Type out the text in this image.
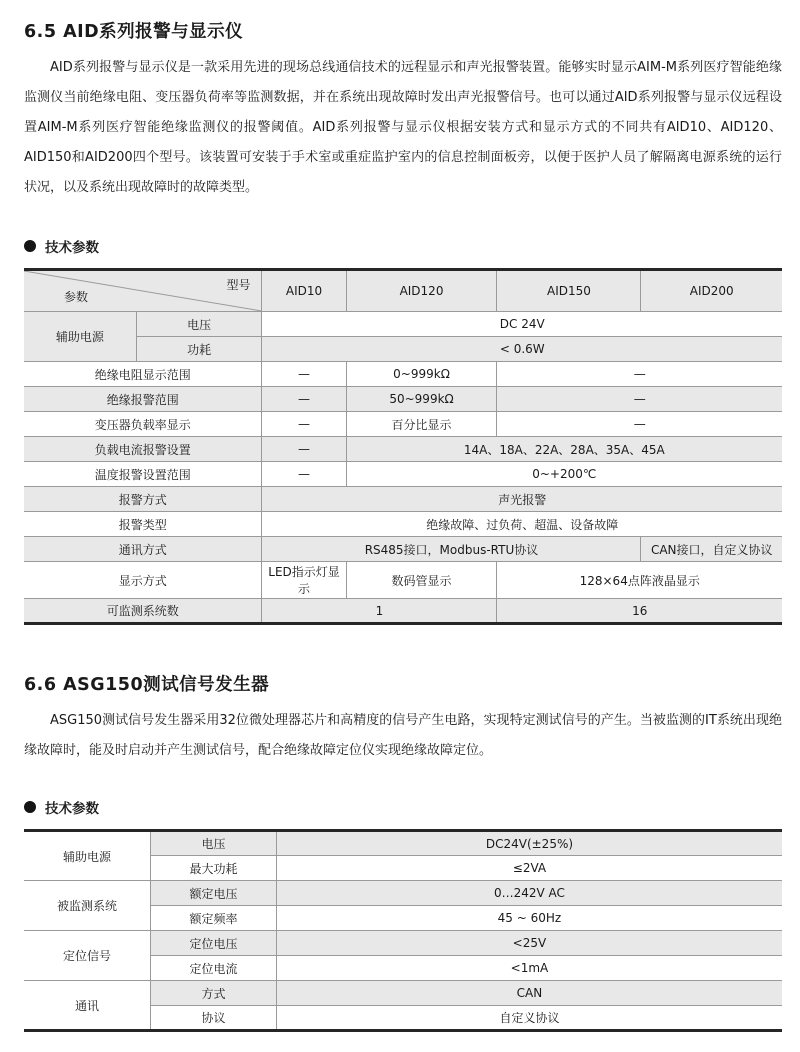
6.5 AID系列报警与显示仪

AID系列报警与显示仪是一款采用先进的现场总线通信技术的远程显示和声光报警装置。能够实时显示AIM-M系列医疗智能绝缘监测仪当前绝缘电阻、变压器负荷率等监测数据，并在系统出现故障时发出声光报警信号。也可以通过AID系列报警与显示仪远程设置AIM-M系列医疗智能绝缘监测仪的报警阈值。AID系列报警与显示仪根据安装方式和显示方式的不同共有AID10、AID120、AID150和AID200四个型号。该装置可安装于手术室或重症监护室内的信息控制面板旁，以便于医护人员了解隔离电源系统的运行状况，以及系统出现故障时的故障类型。

技术参数
型号
参数		AID10	AID120	AID150	AID200
辅助电源	电压	DC 24V			
	功耗	< 0.6W			
绝缘电阻显示范围		—	0~999kΩ	—	
绝缘报警范围		—	50~999kΩ	—	
变压器负载率显示		—	百分比显示	—	
负载电流报警设置		—	14A、18A、22A、28A、35A、45A		
温度报警设置范围		—	0~+200℃		
报警方式		声光报警			
报警类型		绝缘故障、过负荷、超温、设备故障			
通讯方式		RS485接口，Modbus-RTU协议			CAN接口，自定义协议
显示方式		LED指示灯显示	数码管显示	128×64点阵液晶显示	
可监测系统数		1		16	
6.6 ASG150测试信号发生器

ASG150测试信号发生器采用32位微处理器芯片和高精度的信号产生电路，实现特定测试信号的产生。当被监测的IT系统出现绝缘故障时，能及时启动并产生测试信号，配合绝缘故障定位仪实现绝缘故障定位。

技术参数
辅助电源	电压	DC24V(±25%)
	最大功耗	≤2VA
被监测系统	额定电压	0…242V AC
	额定频率	45 ~ 60Hz
定位信号	定位电压	<25V
	定位电流	<1mA
通讯	方式	CAN
	协议	自定义协议
